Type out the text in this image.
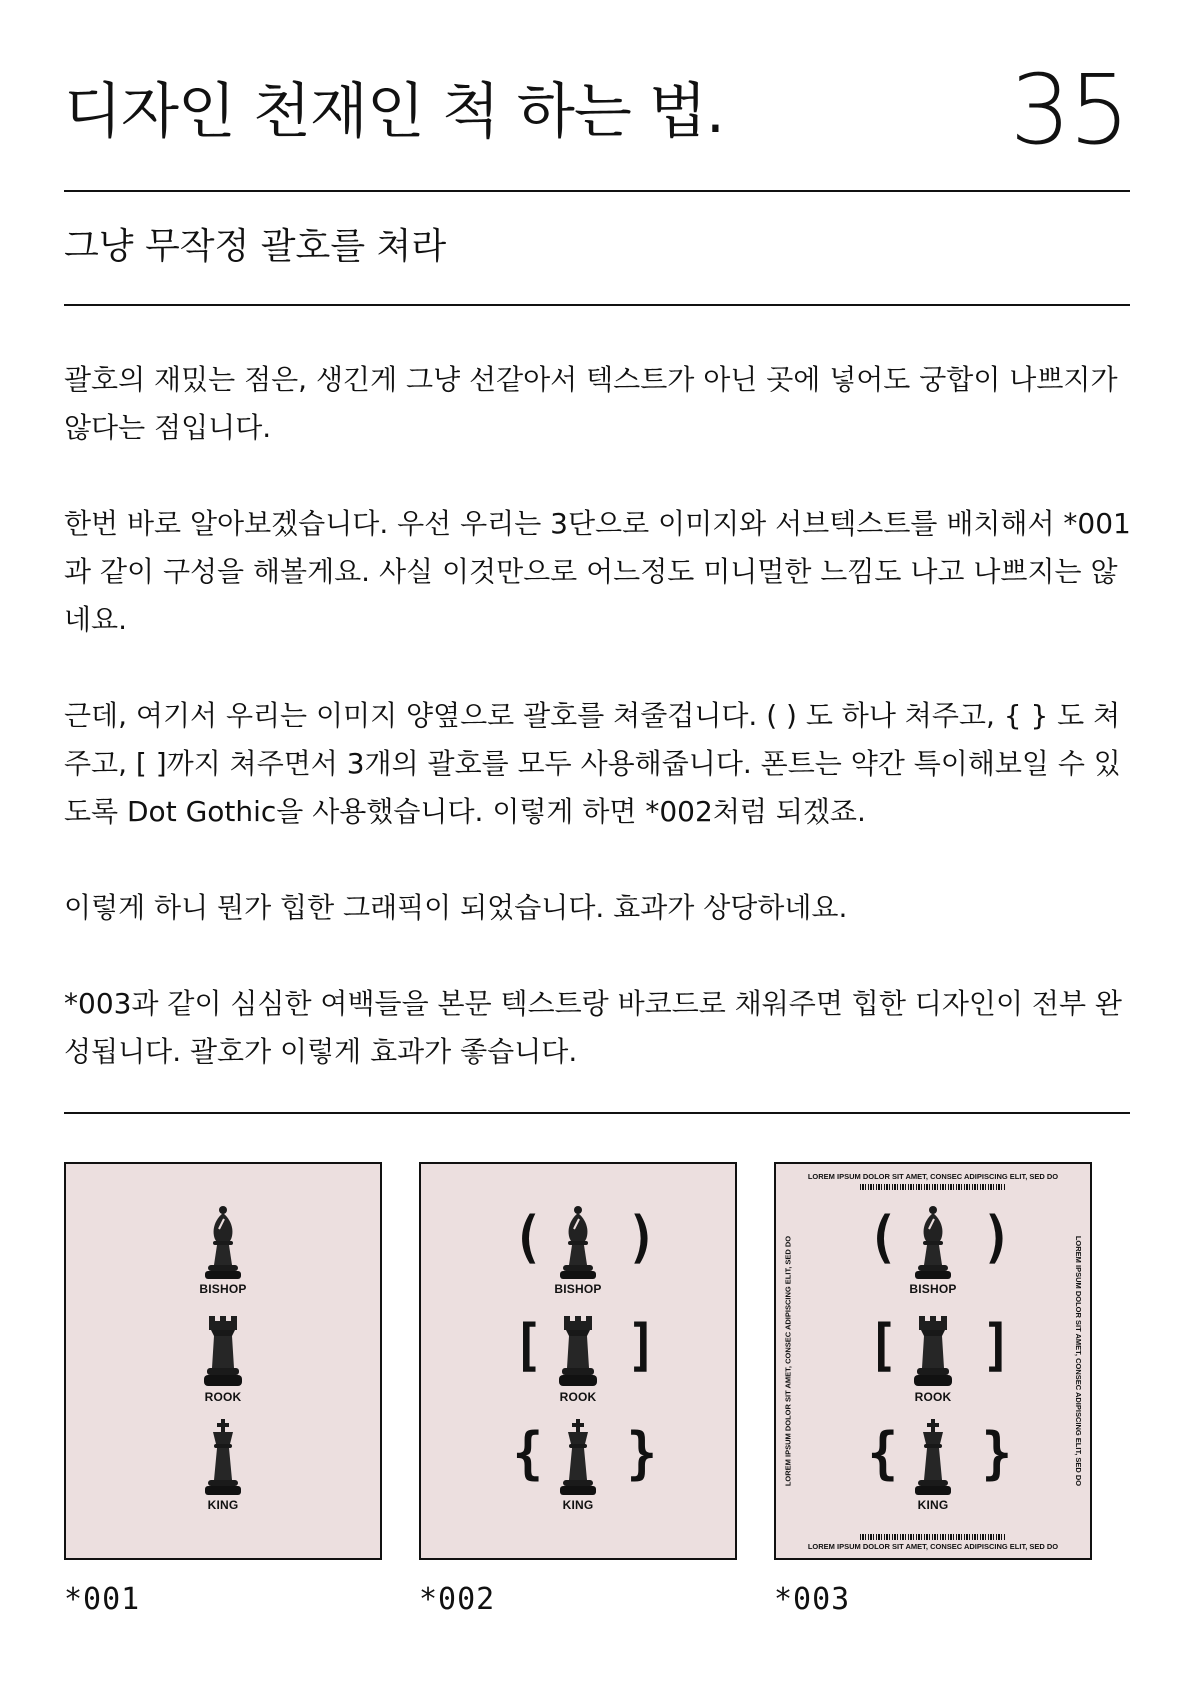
디자인 천재인 척 하는 법.	35
그냥 무작정 괄호를 쳐라

괄호의 재밌는 점은, 생긴게 그냥 선같아서 텍스트가 아닌 곳에 넣어도 궁합이 나쁘지가 않다는 점입니다.

한번 바로 알아보겠습니다. 우선 우리는 3단으로 이미지와 서브텍스트를 배치해서 *001과 같이 구성을 해볼게요. 사실 이것만으로 어느정도 미니멀한 느낌도 나고 나쁘지는 않네요.

근데, 여기서 우리는 이미지 양옆으로 괄호를 쳐줄겁니다. ( ) 도 하나 쳐주고, { } 도 쳐주고, [ ]까지 쳐주면서 3개의 괄호를 모두 사용해줍니다. 폰트는 약간 특이해보일 수 있도록 Dot Gothic을 사용했습니다. 이렇게 하면 *002처럼 되겠죠.

이렇게 하니 뭔가 힙한 그래픽이 되었습니다. 효과가 상당하네요.

*003과 같이 심심한 여백들을 본문 텍스트랑 바코드로 채워주면 힙한 디자인이 전부 완성됩니다. 괄호가 이렇게 효과가 좋습니다.

BISHOP
ROOK
KING
( )
BISHOP
[ ]
ROOK
{ }
KING
LOREM IPSUM DOLOR SIT AMET, CONSEC ADIPISCING ELIT, SED DO
LOREM IPSUM DOLOR SIT AMET, CONSEC ADIPISCING ELIT, SED DO	LOREM IPSUM DOLOR SIT AMET, CONSEC ADIPISCING ELIT, SED DO
( )
BISHOP
[ ]
ROOK
{ }
KING
LOREM IPSUM DOLOR SIT AMET, CONSEC ADIPISCING ELIT, SED DO
*001	*002	*003
